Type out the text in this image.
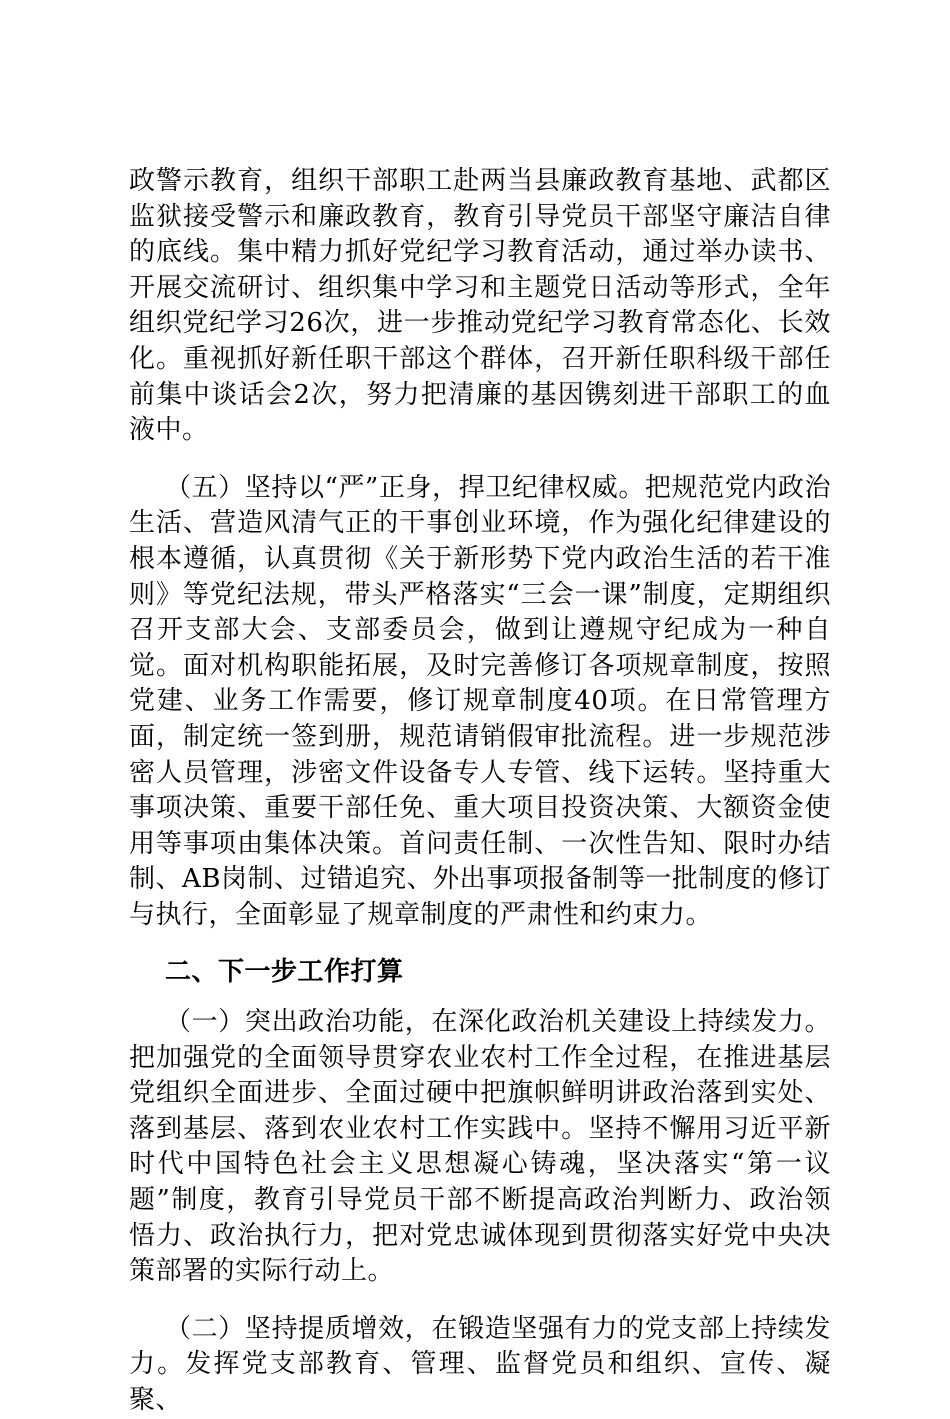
政警示教育，组织干部职工赴两当县廉政教育基地、武都区监狱接受警示和廉政教育，教育引导党员干部坚守廉洁自律的底线。集中精力抓好党纪学习教育活动，通过举办读书、开展交流研讨、组织集中学习和主题党日活动等形式，全年组织党纪学习26次，进一步推动党纪学习教育常态化、长效化。重视抓好新任职干部这个群体，召开新任职科级干部任前集中谈话会2次，努力把清廉的基因镌刻进干部职工的血液中。

（五）坚持以“严”正身，捍卫纪律权威。把规范党内政治生活、营造风清气正的干事创业环境，作为强化纪律建设的根本遵循，认真贯彻《关于新形势下党内政治生活的若干准则》等党纪法规，带头严格落实“三会一课”制度，定期组织召开支部大会、支部委员会，做到让遵规守纪成为一种自觉。面对机构职能拓展，及时完善修订各项规章制度，按照党建、业务工作需要，修订规章制度40项。在日常管理方面，制定统一签到册，规范请销假审批流程。进一步规范涉密人员管理，涉密文件设备专人专管、线下运转。坚持重大事项决策、重要干部任免、重大项目投资决策、大额资金使用等事项由集体决策。首问责任制、一次性告知、限时办结制、AB岗制、过错追究、外出事项报备制等一批制度的修订与执行，全面彰显了规章制度的严肃性和约束力。

二、下一步工作打算

（一）突出政治功能，在深化政治机关建设上持续发力。把加强党的全面领导贯穿农业农村工作全过程，在推进基层党组织全面进步、全面过硬中把旗帜鲜明讲政治落到实处、落到基层、落到农业农村工作实践中。坚持不懈用习近平新时代中国特色社会主义思想凝心铸魂，坚决落实“第一议题”制度，教育引导党员干部不断提高政治判断力、政治领悟力、政治执行力，把对党忠诚体现到贯彻落实好党中央决策部署的实际行动上。

（二）坚持提质增效，在锻造坚强有力的党支部上持续发力。发挥党支部教育、管理、监督党员和组织、宣传、凝聚、
